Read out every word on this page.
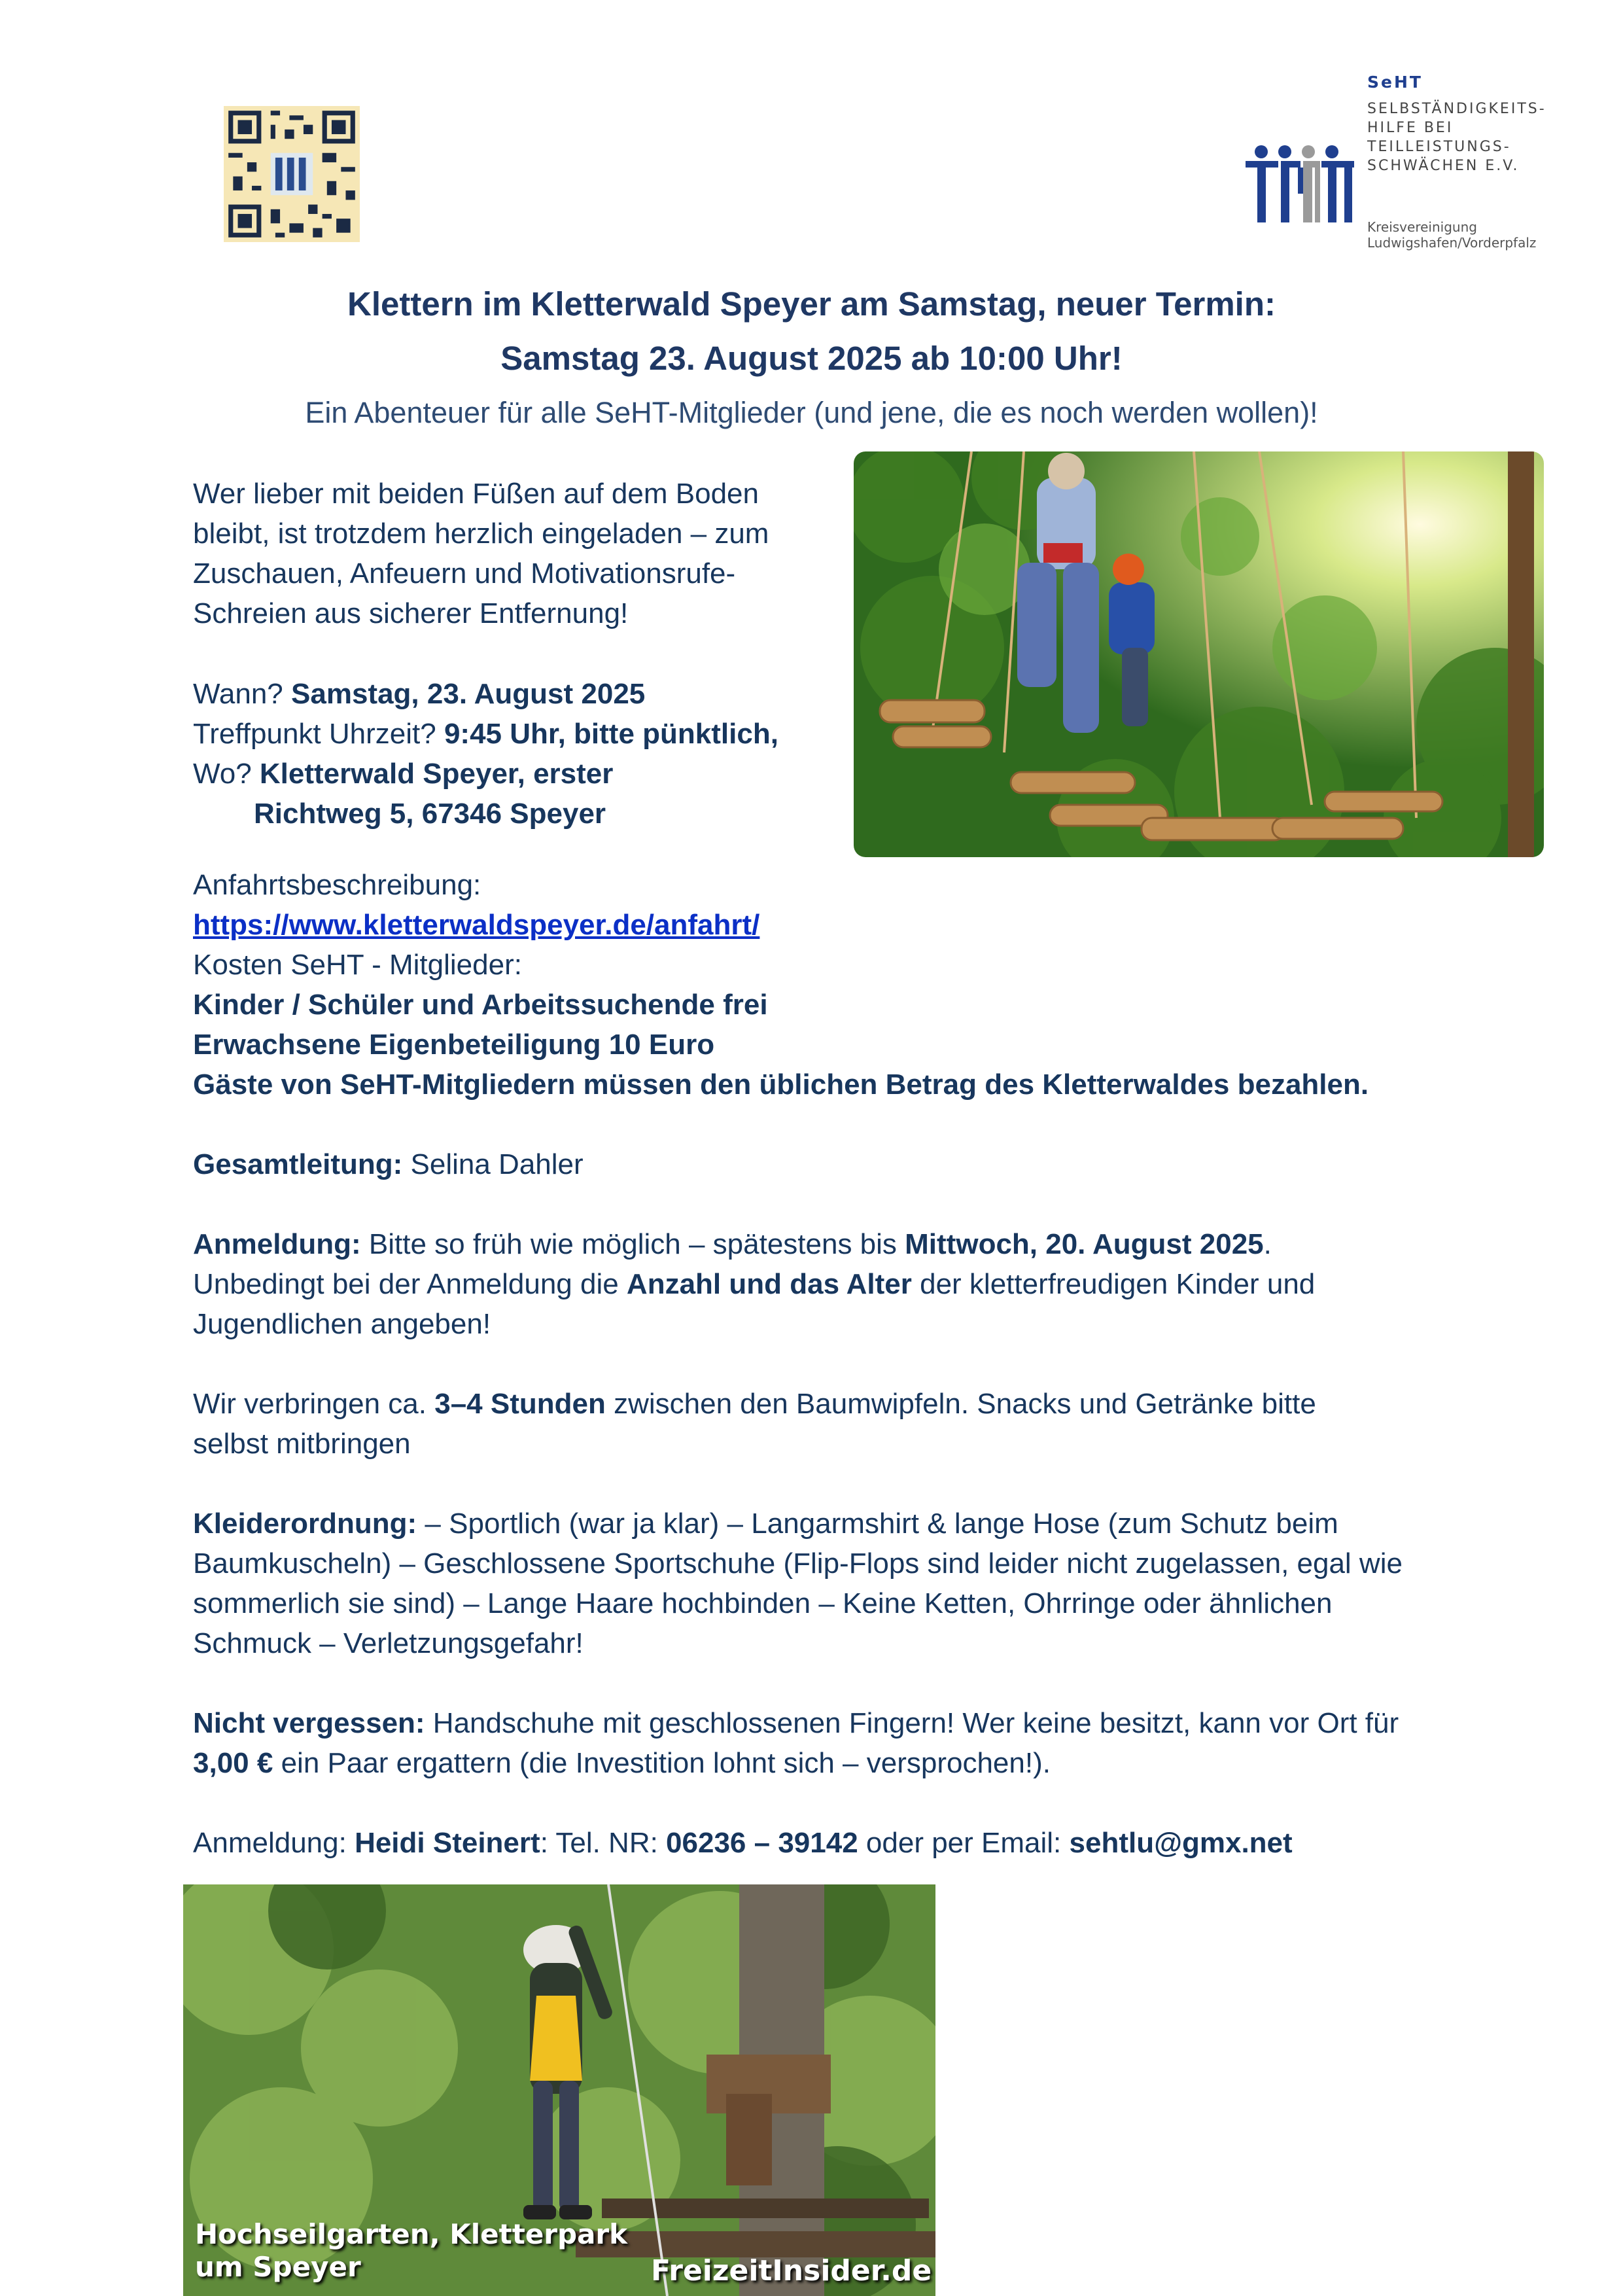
SeHT
SELBSTÄNDIGKEITS-
HILFE BEI
TEILLEISTUNGS-
SCHWÄCHEN E.V.
Kreisvereinigung
Ludwigshafen/Vorderpfalz
Klettern im Kletterwald Speyer am Samstag, neuer Termin:
Samstag 23. August 2025 ab 10:00 Uhr!
Ein Abenteuer für alle SeHT-Mitglieder (und jene, die es noch werden wollen)!
Wer lieber mit beiden Füßen auf dem Boden
bleibt, ist trotzdem herzlich eingeladen – zum
Zuschauen, Anfeuern und Motivationsrufe-
Schreien aus sicherer Entfernung!
Wann? Samstag, 23. August 2025
Treffpunkt Uhrzeit? 9:45 Uhr, bitte pünktlich,
Wo? Kletterwald Speyer, erster
Richtweg 5, 67346 Speyer
Anfahrtsbeschreibung:
https://www.kletterwaldspeyer.de/anfahrt/
Kosten SeHT - Mitglieder:
Kinder / Schüler und Arbeitssuchende frei
Erwachsene Eigenbeteiligung 10 Euro
Gäste von SeHT-Mitgliedern müssen den üblichen Betrag des Kletterwaldes bezahlen.
Gesamtleitung: Selina Dahler
Anmeldung: Bitte so früh wie möglich – spätestens bis Mittwoch, 20. August 2025.
Unbedingt bei der Anmeldung die Anzahl und das Alter der kletterfreudigen Kinder und
Jugendlichen angeben!
Wir verbringen ca. 3–4 Stunden zwischen den Baumwipfeln. Snacks und Getränke bitte
selbst mitbringen
Kleiderordnung: – Sportlich (war ja klar) – Langarmshirt & lange Hose (zum Schutz beim
Baumkuscheln) – Geschlossene Sportschuhe (Flip-Flops sind leider nicht zugelassen, egal wie
sommerlich sie sind) – Lange Haare hochbinden – Keine Ketten, Ohrringe oder ähnlichen
Schmuck – Verletzungsgefahr!
Nicht vergessen: Handschuhe mit geschlossenen Fingern! Wer keine besitzt, kann vor Ort für
3,00 € ein Paar ergattern (die Investition lohnt sich – versprochen!).
Anmeldung: Heidi Steinert: Tel. NR: 06236 – 39142 oder per Email: sehtlu@gmx.net
Hochseilgarten, Kletterpark
um Speyer	FreizeitInsider.de
